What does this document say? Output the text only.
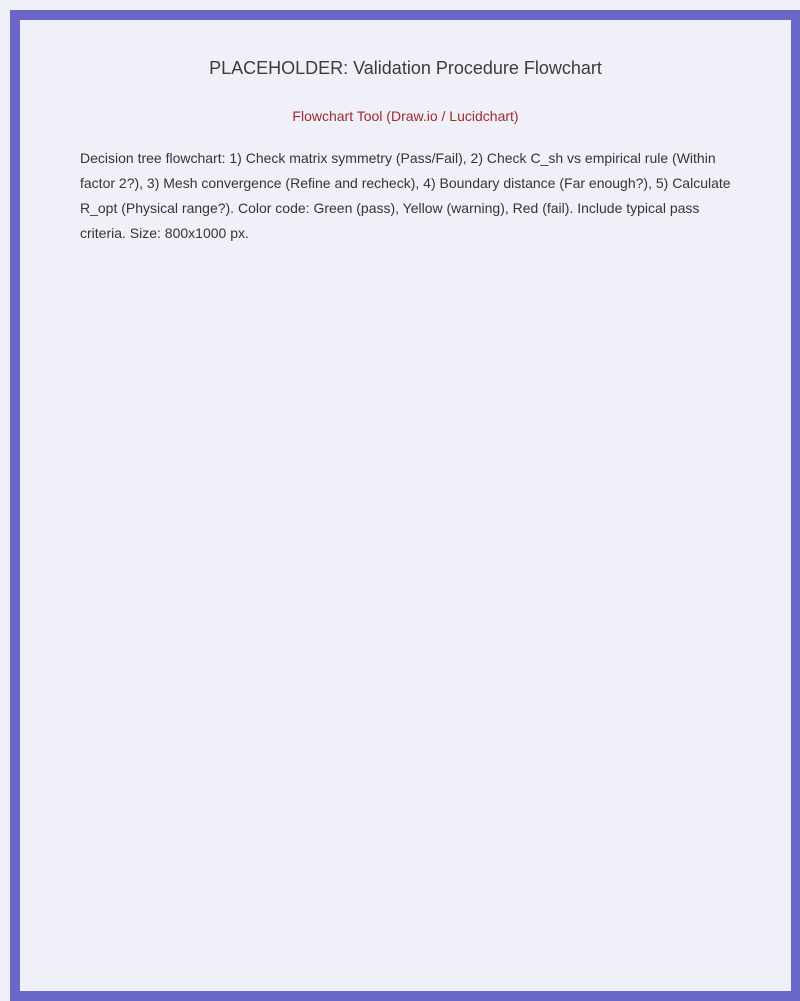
PLACEHOLDER: Validation Procedure Flowchart
Flowchart Tool (Draw.io / Lucidchart)

Decision tree flowchart: 1) Check matrix symmetry (Pass/Fail), 2) Check C_sh vs empirical rule (Within factor 2?), 3) Mesh convergence (Refine and recheck), 4) Boundary distance (Far enough?), 5) Calculate R_opt (Physical range?). Color code: Green (pass), Yellow (warning), Red (fail). Include typical pass criteria. Size: 800x1000 px.
